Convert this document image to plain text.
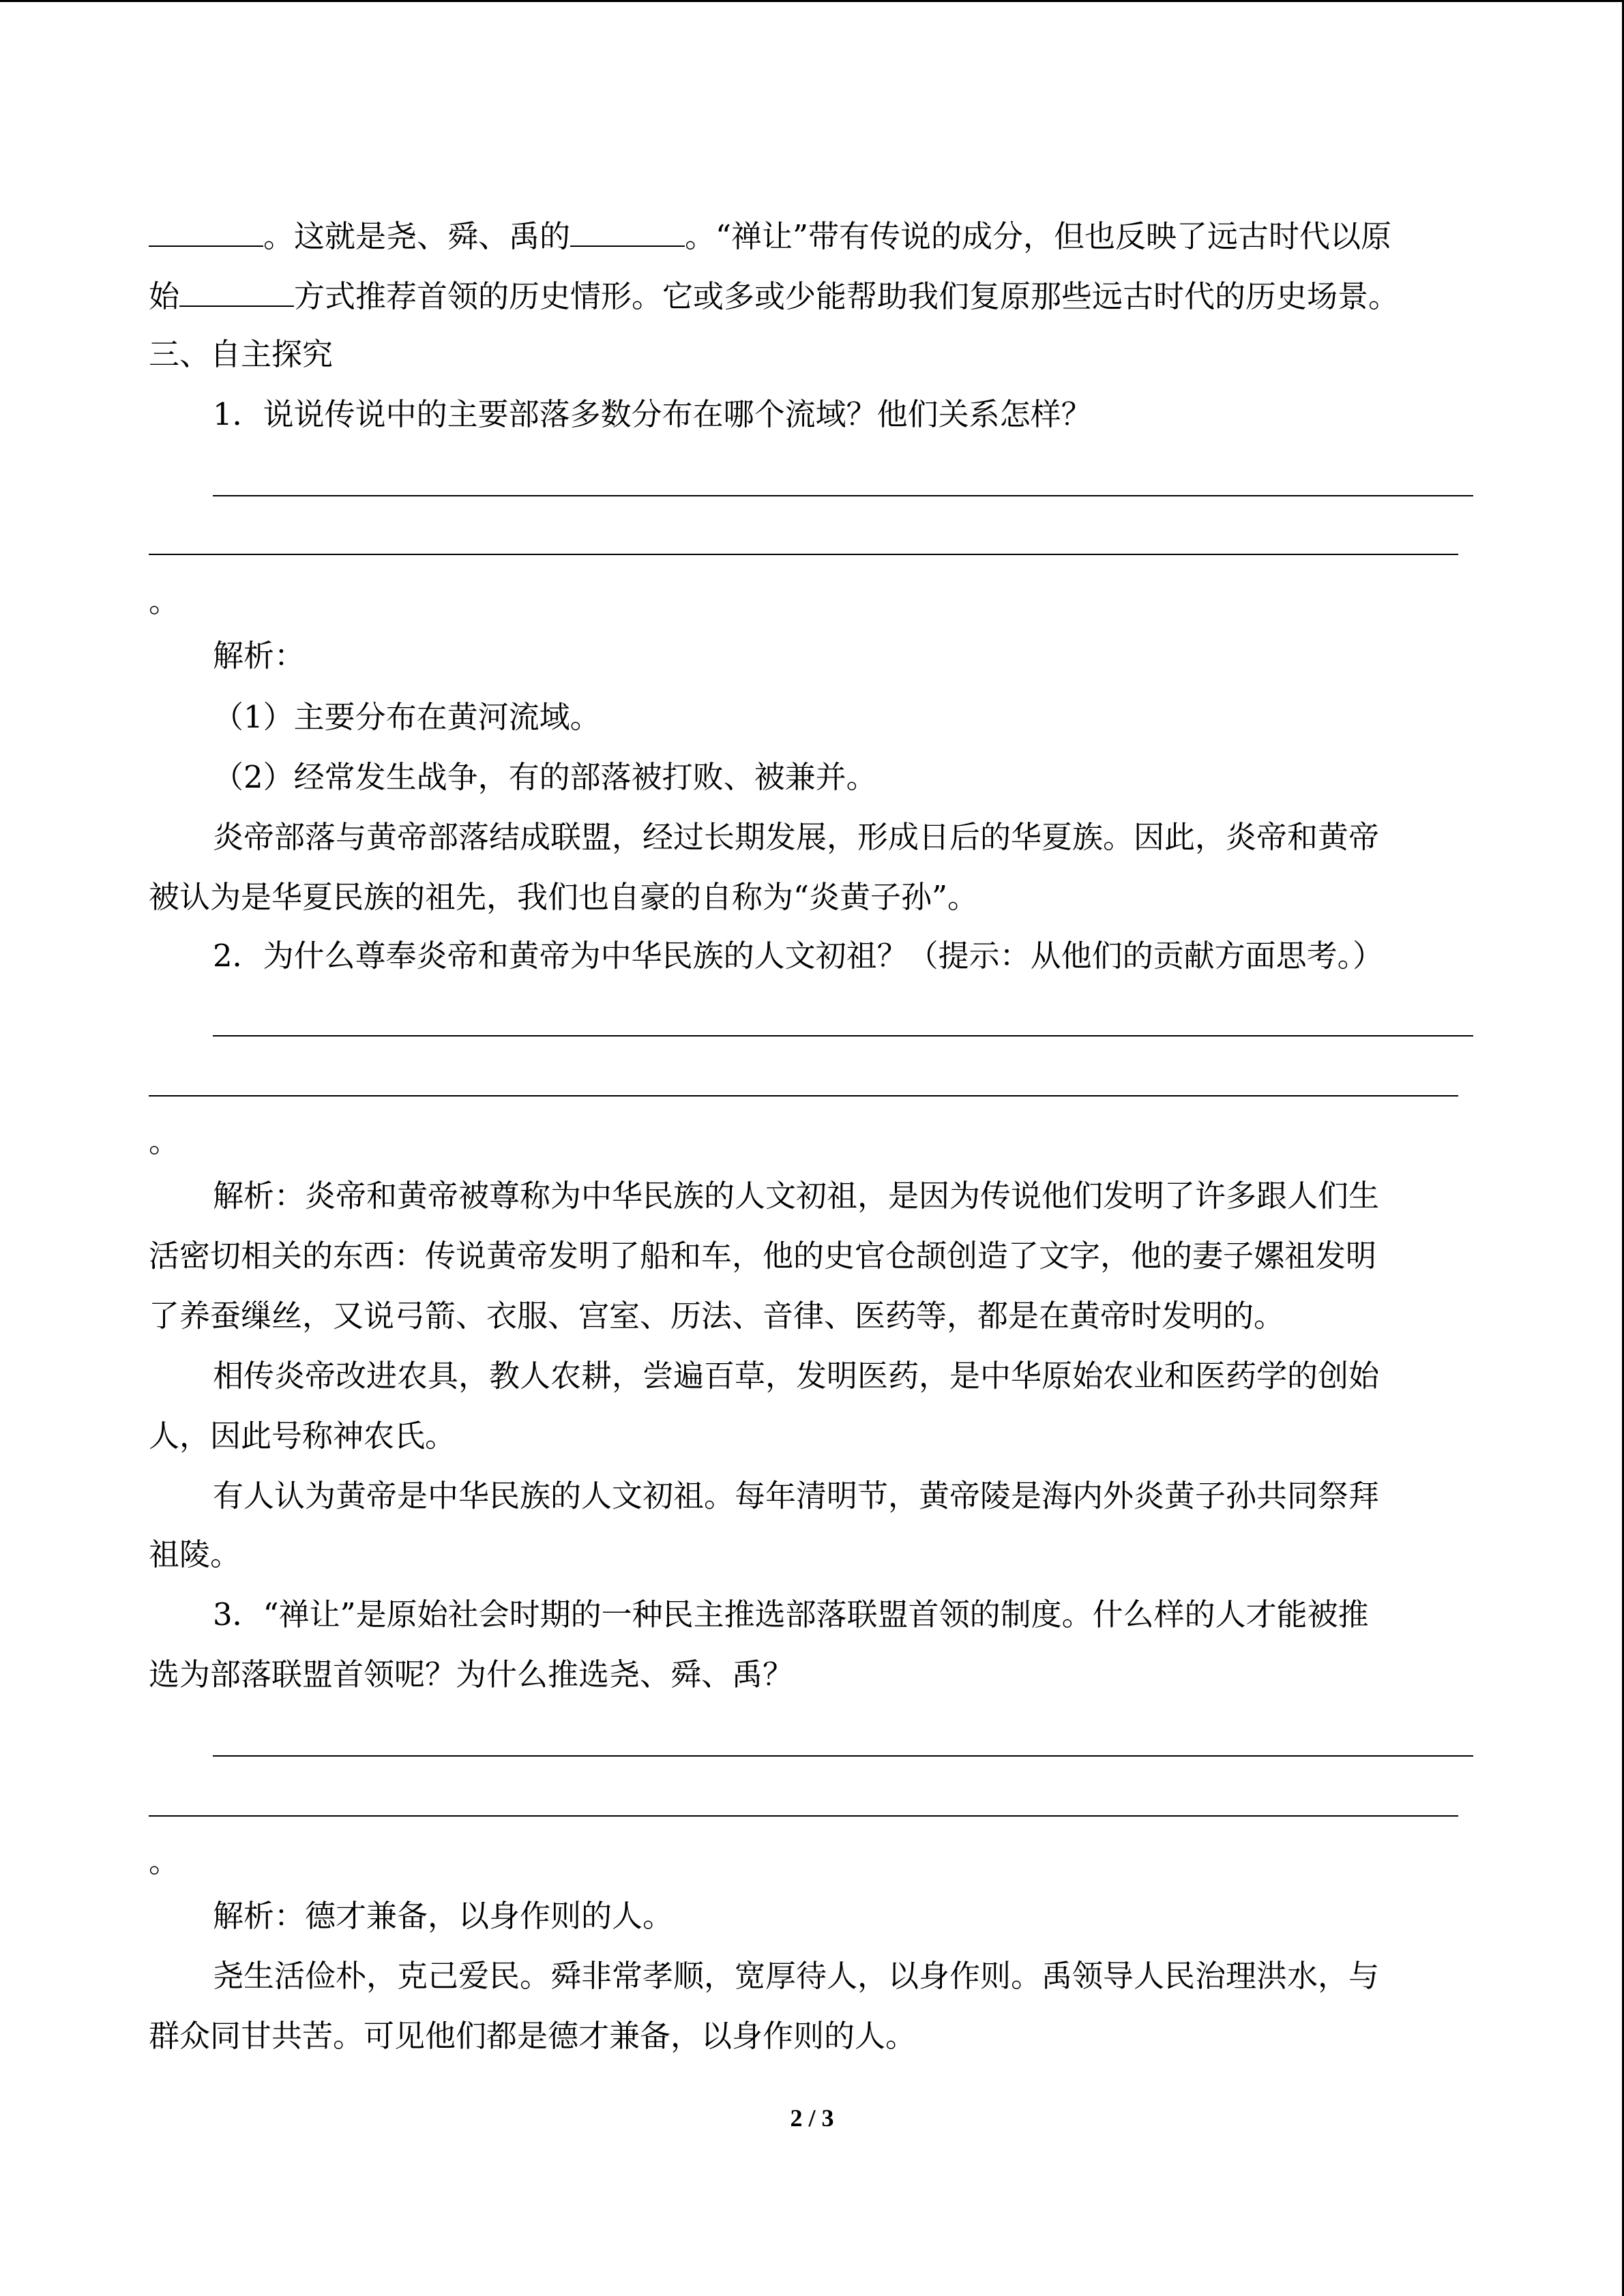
。这就是尧、舜、禹的	。“禅让”带有传说的成分，但也反映了远古时代以原
始	方式推荐首领的历史情形。它或多或少能帮助我们复原那些远古时代的历史场景。
三、自主探究
1．说说传说中的主要部落多数分布在哪个流域？他们关系怎样？
。
解析：
（1）主要分布在黄河流域。
（2）经常发生战争，有的部落被打败、被兼并。
炎帝部落与黄帝部落结成联盟，经过长期发展，形成日后的华夏族。因此，炎帝和黄帝
被认为是华夏民族的祖先，我们也自豪的自称为“炎黄子孙”。
2．为什么尊奉炎帝和黄帝为中华民族的人文初祖？（提示：从他们的贡献方面思考。）
。
解析：炎帝和黄帝被尊称为中华民族的人文初祖，是因为传说他们发明了许多跟人们生
活密切相关的东西：传说黄帝发明了船和车，他的史官仓颉创造了文字，他的妻子嫘祖发明
了养蚕缫丝，又说弓箭、衣服、宫室、历法、音律、医药等，都是在黄帝时发明的。
相传炎帝改进农具，教人农耕，尝遍百草，发明医药，是中华原始农业和医药学的创始
人，因此号称神农氏。
有人认为黄帝是中华民族的人文初祖。每年清明节，黄帝陵是海内外炎黄子孙共同祭拜
祖陵。
3．“禅让”是原始社会时期的一种民主推选部落联盟首领的制度。什么样的人才能被推
选为部落联盟首领呢？为什么推选尧、舜、禹？
。
解析：德才兼备，以身作则的人。
尧生活俭朴，克己爱民。舜非常孝顺，宽厚待人，以身作则。禹领导人民治理洪水，与
群众同甘共苦。可见他们都是德才兼备，以身作则的人。
2 / 3
